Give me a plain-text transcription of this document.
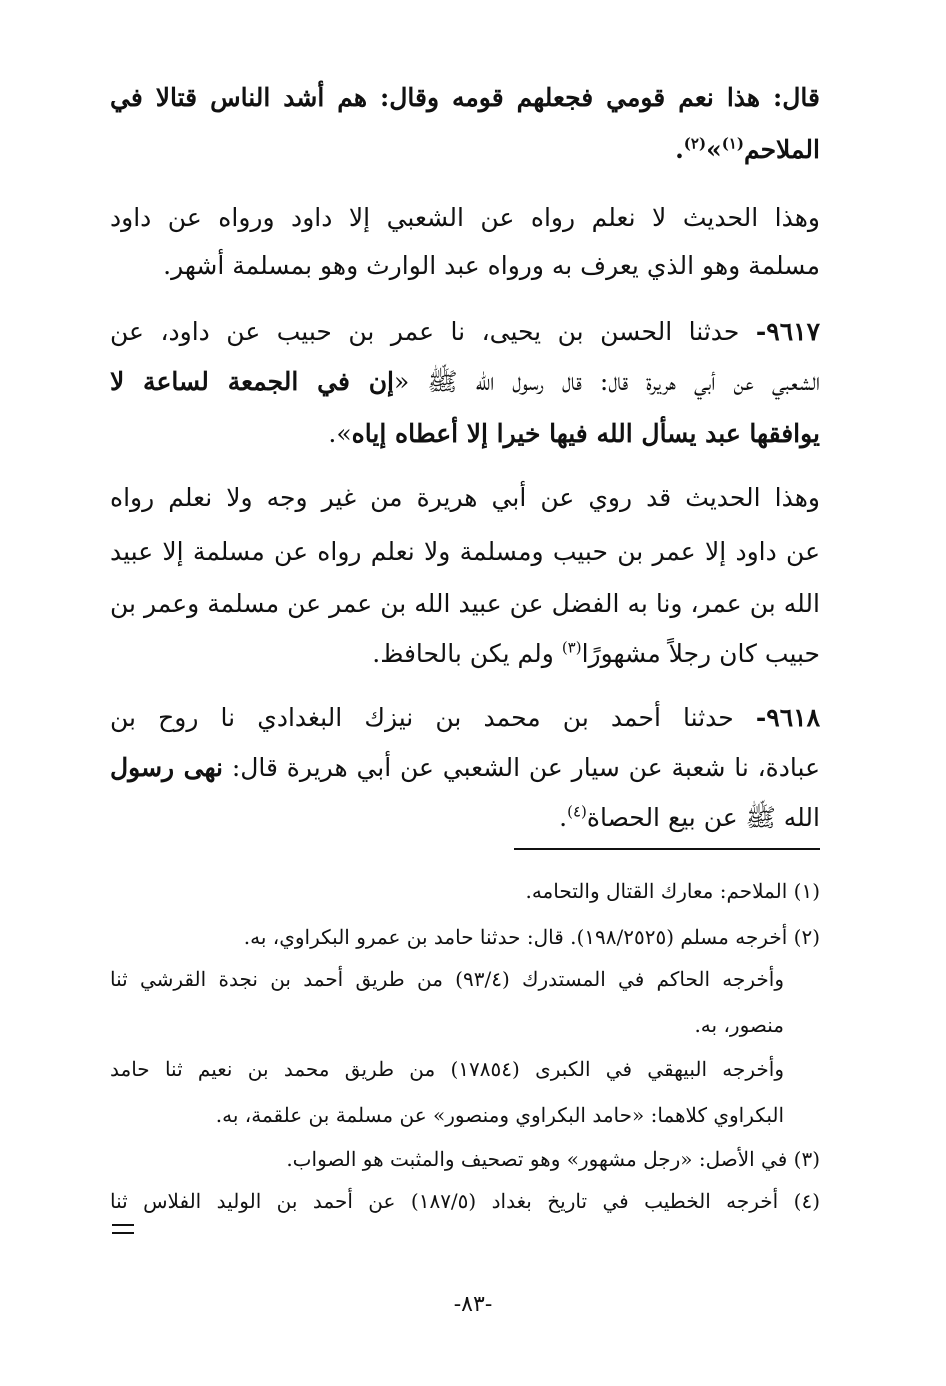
قال: هذا نعم قومي فجعلهم قومه وقال: هم أشد الناس قتالا في
الملاحم$^{(١)}$»$^{(٢)}$.
وهذا الحديث لا نعلم رواه عن الشعبي إلا داود ورواه عن داود
مسلمة وهو الذي يعرف به ورواه عبد الوارث وهو بمسلمة أشهر.
٩٦١٧- حدثنا الحسن بن يحيى، نا عمر بن حبيب عن داود، عن
الشعبي عن أبي هريرة قال: قال رسول الله ﷺ «إن في الجمعة لساعة لا
يوافقها عبد يسأل الله فيها خيرا إلا أعطاه إياه».
وهذا الحديث قد روي عن أبي هريرة من غير وجه ولا نعلم رواه
عن داود إلا عمر بن حبيب ومسلمة ولا نعلم رواه عن مسلمة إلا عبيد
الله بن عمر، ونا به الفضل عن عبيد الله بن عمر عن مسلمة وعمر بن
حبيب كان رجلاً مشهورًا$^{(٣)}$ ولم يكن بالحافظ.
٩٦١٨- حدثنا أحمد بن محمد بن نيزك البغدادي نا روح بن
عبادة، نا شعبة عن سيار عن الشعبي عن أبي هريرة قال: نهى رسول
الله ﷺ عن بيع الحصاة$^{(٤)}$.
(١) الملاحم: معارك القتال والتحامه.
(٢) أخرجه مسلم (١٩٨/٢٥٢٥). قال: حدثنا حامد بن عمرو البكراوي، به.
وأخرجه الحاكم في المستدرك (٩٣/٤) من طريق أحمد بن نجدة القرشي ثنا
منصور، به.
وأخرجه البيهقي في الكبرى (١٧٨٥٤) من طريق محمد بن نعيم ثنا حامد
البكراوي كلاهما: «حامد البكراوي ومنصور» عن مسلمة بن علقمة، به.
(٣) في الأصل: «رجل مشهور» وهو تصحيف والمثبت هو الصواب.
(٤) أخرجه الخطيب في تاريخ بغداد (١٨٧/٥) عن أحمد بن الوليد الفلاس ثنا
-٨٣-
